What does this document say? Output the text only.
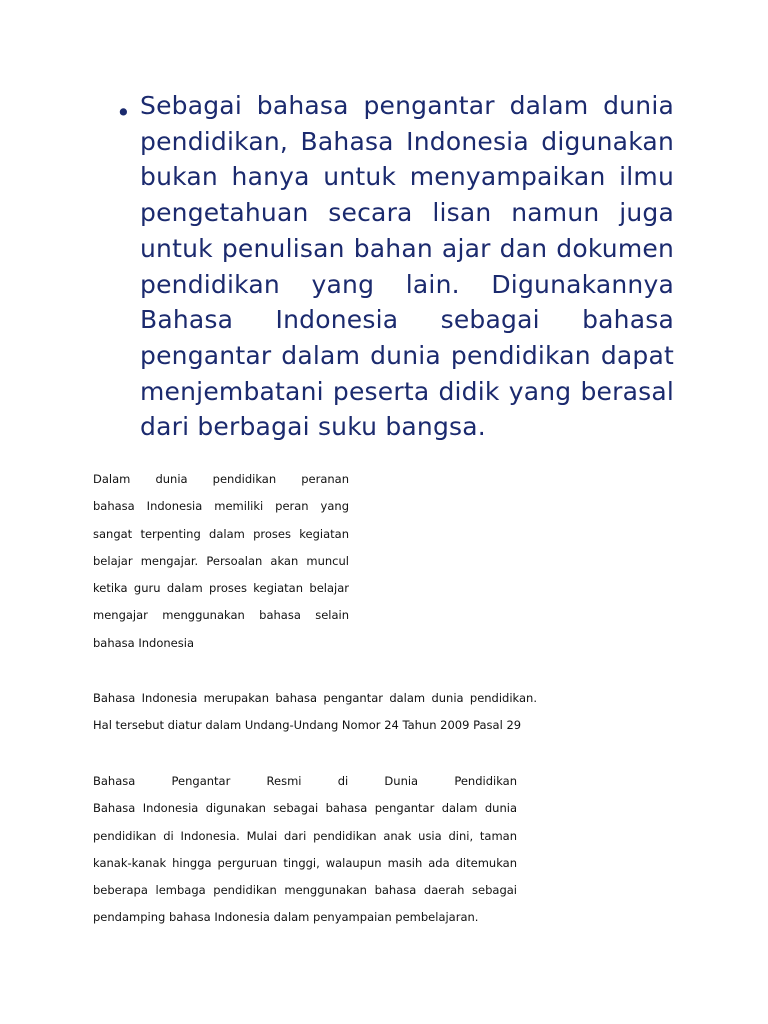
• Sebagai bahasa pengantar dalam dunia pendidikan, Bahasa Indonesia digunakan bukan hanya untuk menyampaikan ilmu pengetahuan secara lisan namun juga untuk penulisan bahan ajar dan dokumen pendidikan yang lain. Digunakannya Bahasa Indonesia sebagai bahasa pengantar dalam dunia pendidikan dapat menjembatani peserta didik yang berasal dari berbagai suku bangsa.
Dalam dunia pendidikan peranan
bahasa Indonesia memiliki peran yang
sangat terpenting dalam proses kegiatan
belajar mengajar. Persoalan akan muncul
ketika guru dalam proses kegiatan belajar
mengajar menggunakan bahasa selain
bahasa Indonesia
Bahasa Indonesia merupakan bahasa pengantar dalam dunia pendidikan.
Hal tersebut diatur dalam Undang-Undang Nomor 24 Tahun 2009 Pasal 29
Bahasa Pengantar Resmi di Dunia Pendidikan
Bahasa Indonesia digunakan sebagai bahasa pengantar dalam dunia
pendidikan di Indonesia. Mulai dari pendidikan anak usia dini, taman
kanak-kanak hingga perguruan tinggi, walaupun masih ada ditemukan
beberapa lembaga pendidikan menggunakan bahasa daerah sebagai
pendamping bahasa Indonesia dalam penyampaian pembelajaran.
